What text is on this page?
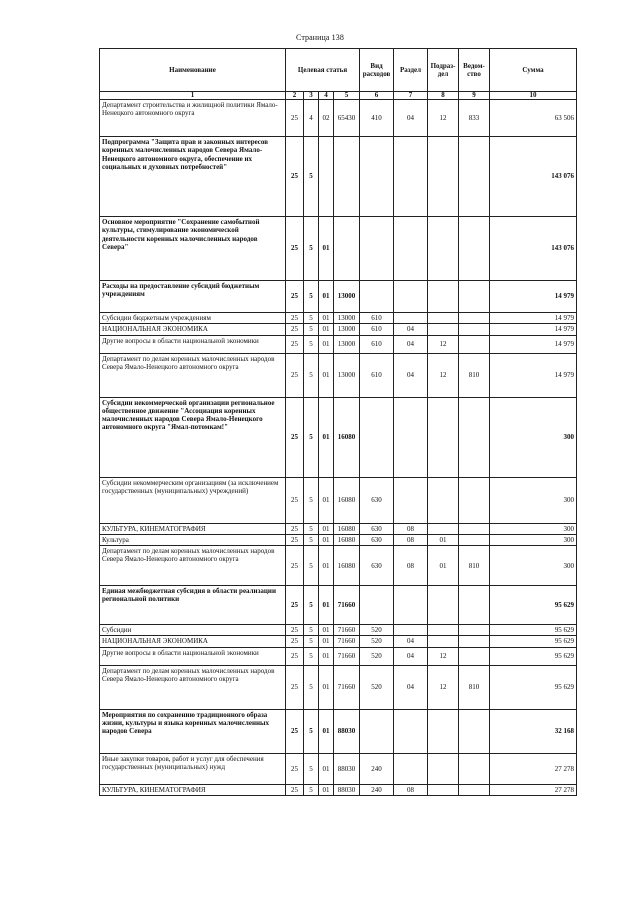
Страница 138
Наименование	Целевая статья				Вид расходов	Раздел	Подраз-дел	Ведом-ство	Сумма
1	2	3	4	5	6	7	8	9	10
Департамент строительства и жилищной политики Ямало-Ненецкого автономного округа	25	4	02	65430	410	04	12	833	63 506
Подпрограмма "Защита прав и законных интересов коренных малочисленных народов Севера Ямало-Ненецкого автономного округа, обеспечение их социальных и духовных потребностей"	25	5							143 076
Основное мероприятие "Сохранение самобытной культуры, стимулирование экономической деятельности коренных малочисленных народов Севера"	25	5	01						143 076
Расходы на предоставление субсидий бюджетным учреждениям	25	5	01	13000					14 979
Субсидии бюджетным учреждениям	25	5	01	13000	610				14 979
НАЦИОНАЛЬНАЯ ЭКОНОМИКА	25	5	01	13000	610	04			14 979
Другие вопросы в области национальной экономики	25	5	01	13000	610	04	12		14 979
Департамент по делам коренных малочисленных народов Севера Ямало-Ненецкого автономного округа	25	5	01	13000	610	04	12	810	14 979
Субсидии некоммерческой организации региональное общественное движение "Ассоциация коренных малочисленных народов Севера Ямало-Ненецкого автономного округа "Ямал-потомкам!"	25	5	01	16080					300
Субсидии некоммерческим организациям (за исключением государственных (муниципальных) учреждений)	25	5	01	16080	630				300
КУЛЬТУРА, КИНЕМАТОГРАФИЯ	25	5	01	16080	630	08			300
Культура	25	5	01	16080	630	08	01		300
Департамент по делам коренных малочисленных народов Севера Ямало-Ненецкого автономного округа	25	5	01	16080	630	08	01	810	300
Единая межбюджетная субсидия в области реализации региональной политики	25	5	01	71660					95 629
Субсидии	25	5	01	71660	520				95 629
НАЦИОНАЛЬНАЯ ЭКОНОМИКА	25	5	01	71660	520	04			95 629
Другие вопросы в области национальной экономики	25	5	01	71660	520	04	12		95 629
Департамент по делам коренных малочисленных народов Севера Ямало-Ненецкого автономного округа	25	5	01	71660	520	04	12	810	95 629
Мероприятия по сохранению традиционного образа жизни, культуры и языка коренных малочисленных народов Севера	25	5	01	88030					32 168
Иные закупки товаров, работ и услуг для обеспечения государственных (муниципальных) нужд	25	5	01	88030	240				27 278
КУЛЬТУРА, КИНЕМАТОГРАФИЯ	25	5	01	88030	240	08			27 278
